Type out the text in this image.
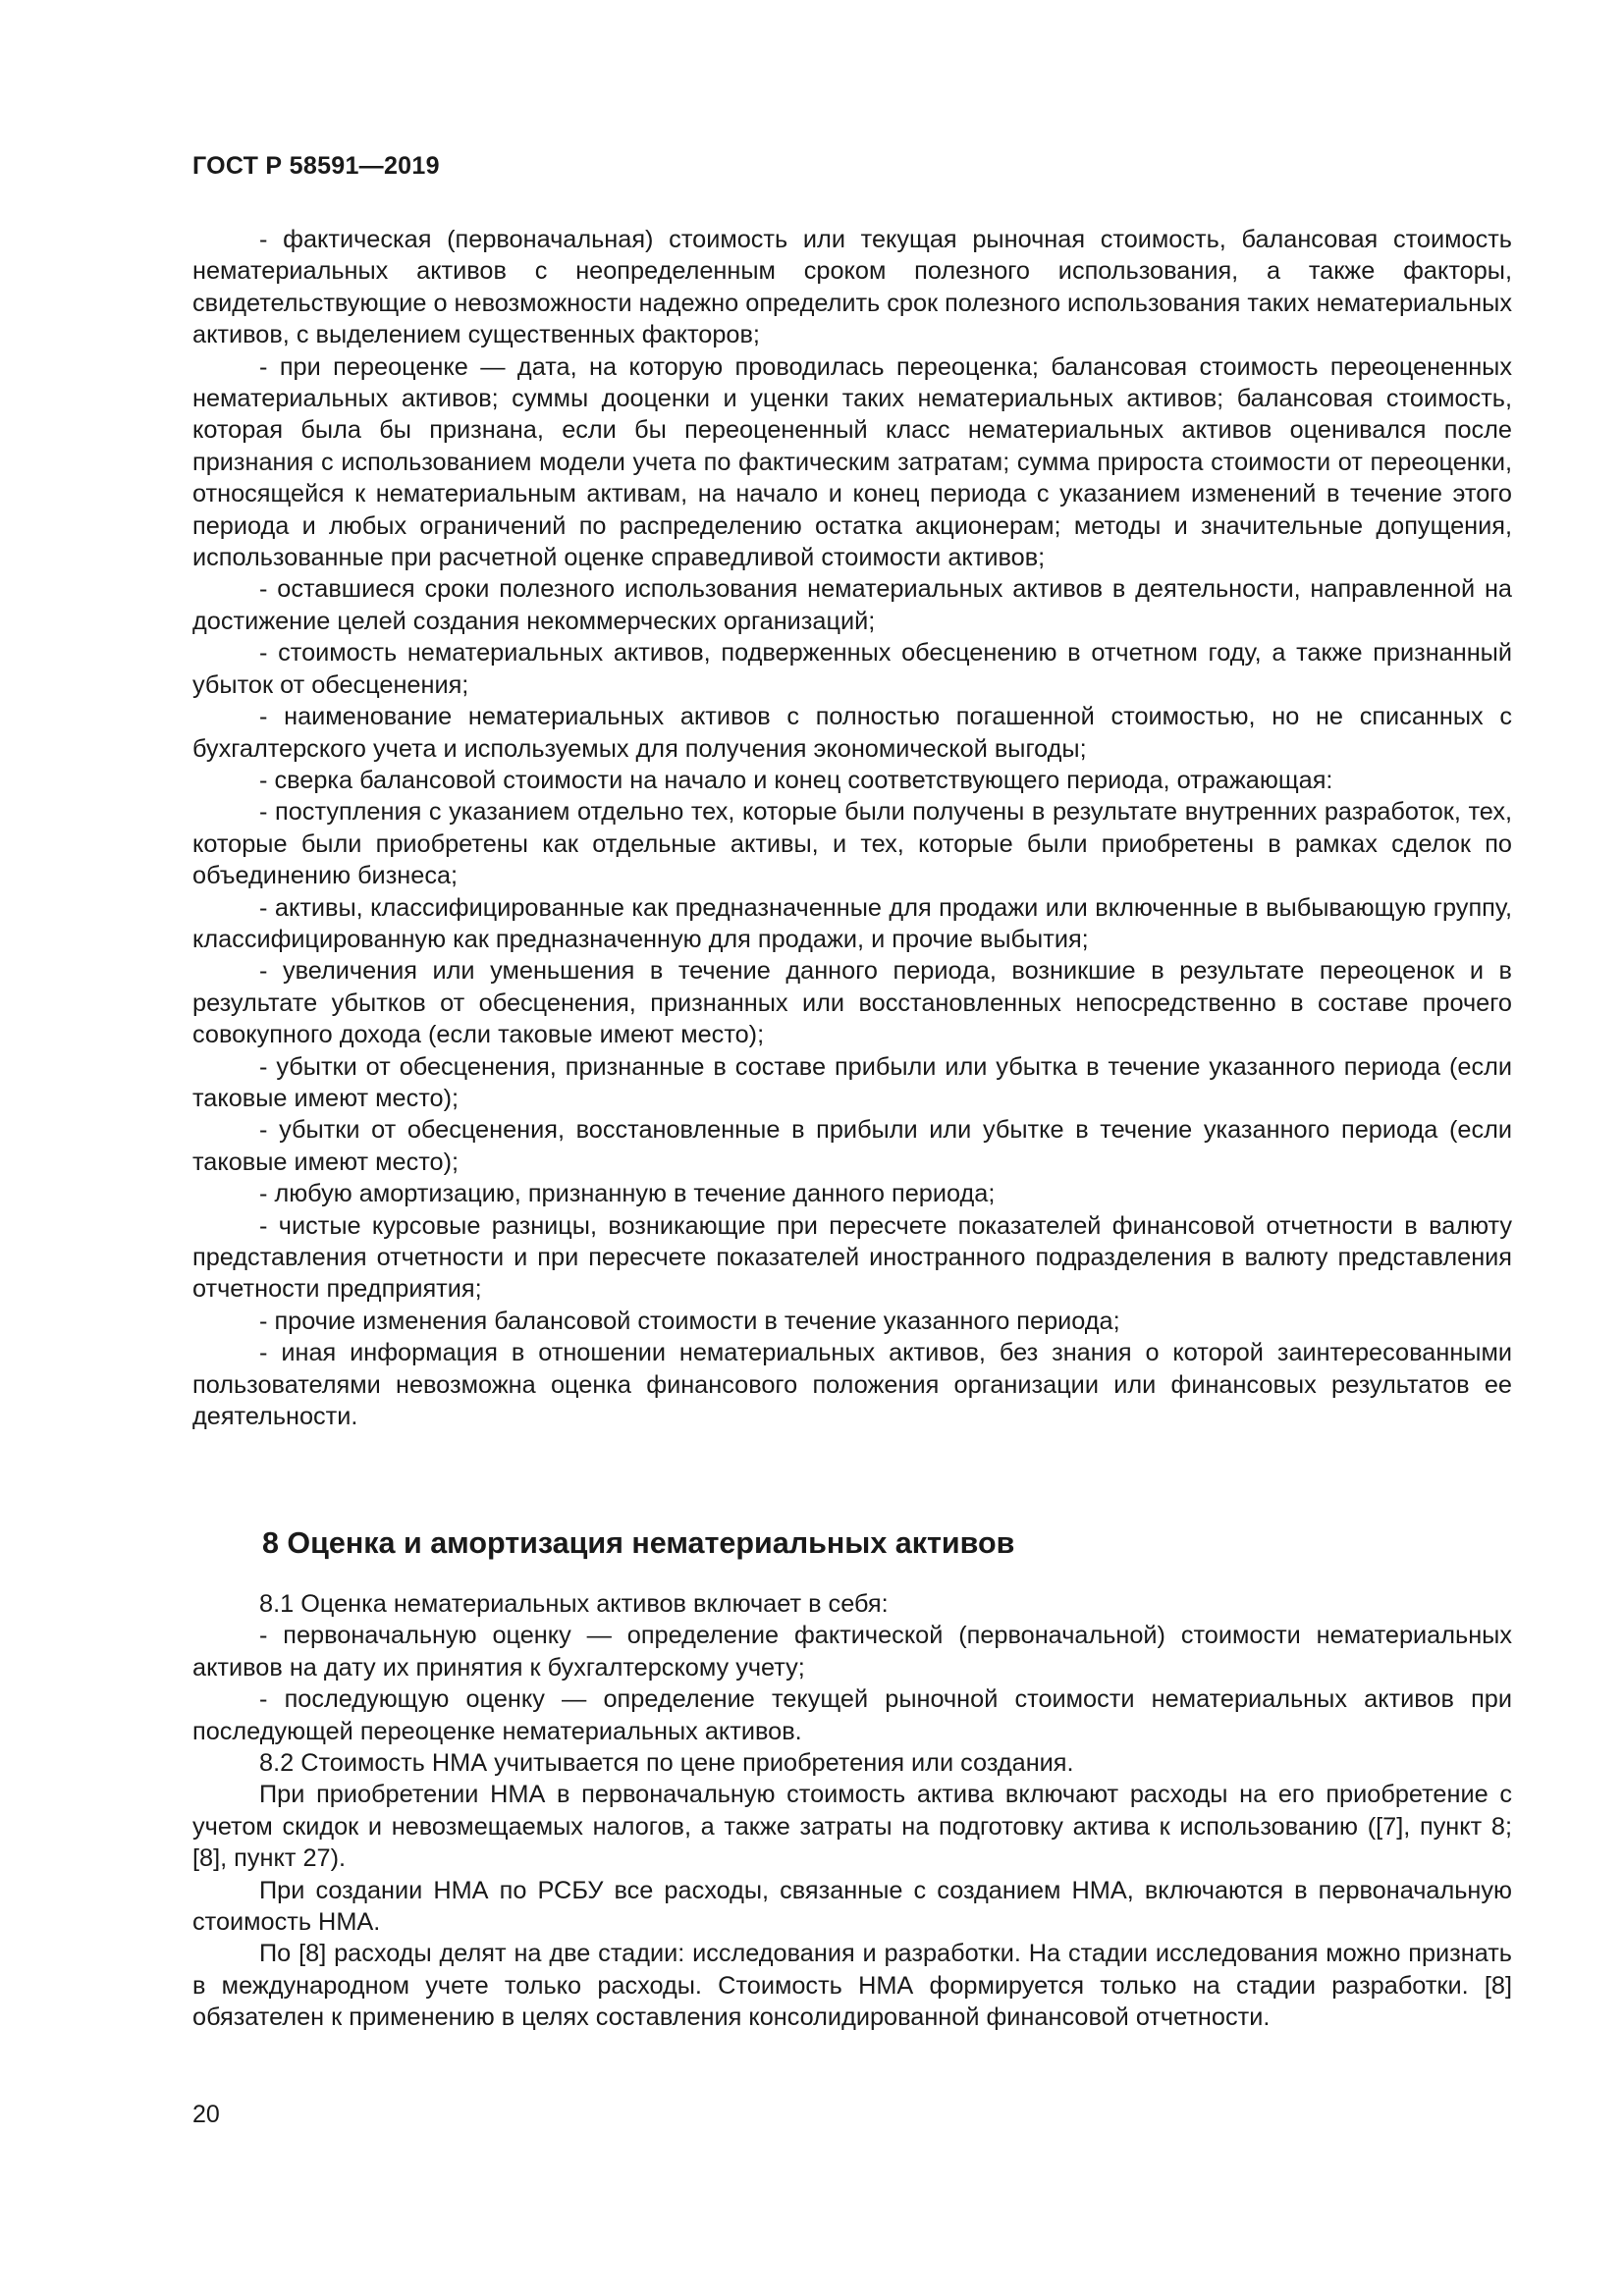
ГОСТ Р 58591—2019

- фактическая (первоначальная) стоимость или текущая рыночная стоимость, балансовая стоимость нематериальных активов с неопределенным сроком полезного использования, а также факторы, свидетельствующие о невозможности надежно определить срок полезного использования таких нематериальных активов, с выделением существенных факторов;

- при переоценке — дата, на которую проводилась переоценка; балансовая стоимость переоцененных нематериальных активов; суммы дооценки и уценки таких нематериальных активов; балансовая стоимость, которая была бы признана, если бы переоцененный класс нематериальных активов оценивался после признания с использованием модели учета по фактическим затратам; сумма прироста стоимости от переоценки, относящейся к нематериальным активам, на начало и конец периода с указанием изменений в течение этого периода и любых ограничений по распределению остатка акционерам; методы и значительные допущения, использованные при расчетной оценке справедливой стоимости активов;

- оставшиеся сроки полезного использования нематериальных активов в деятельности, направленной на достижение целей создания некоммерческих организаций;

- стоимость нематериальных активов, подверженных обесценению в отчетном году, а также признанный убыток от обесценения;

- наименование нематериальных активов с полностью погашенной стоимостью, но не списанных с бухгалтерского учета и используемых для получения экономической выгоды;

- сверка балансовой стоимости на начало и конец соответствующего периода, отражающая:

- поступления с указанием отдельно тех, которые были получены в результате внутренних разработок, тех, которые были приобретены как отдельные активы, и тех, которые были приобретены в рамках сделок по объединению бизнеса;

- активы, классифицированные как предназначенные для продажи или включенные в выбывающую группу, классифицированную как предназначенную для продажи, и прочие выбытия;

- увеличения или уменьшения в течение данного периода, возникшие в результате переоценок и в результате убытков от обесценения, признанных или восстановленных непосредственно в составе прочего совокупного дохода (если таковые имеют место);

- убытки от обесценения, признанные в составе прибыли или убытка в течение указанного периода (если таковые имеют место);

- убытки от обесценения, восстановленные в прибыли или убытке в течение указанного периода (если таковые имеют место);

- любую амортизацию, признанную в течение данного периода;

- чистые курсовые разницы, возникающие при пересчете показателей финансовой отчетности в валюту представления отчетности и при пересчете показателей иностранного подразделения в валюту представления отчетности предприятия;

- прочие изменения балансовой стоимости в течение указанного периода;

- иная информация в отношении нематериальных активов, без знания о которой заинтересованными пользователями невозможна оценка финансового положения организации или финансовых результатов ее деятельности.

8 Оценка и амортизация нематериальных активов

8.1 Оценка нематериальных активов включает в себя:

- первоначальную оценку — определение фактической (первоначальной) стоимости нематериальных активов на дату их принятия к бухгалтерскому учету;

- последующую оценку — определение текущей рыночной стоимости нематериальных активов при последующей переоценке нематериальных активов.

8.2 Стоимость НМА учитывается по цене приобретения или создания.

При приобретении НМА в первоначальную стоимость актива включают расходы на его приобретение с учетом скидок и невозмещаемых налогов, а также затраты на подготовку актива к использованию ([7], пункт 8; [8], пункт 27).

При создании НМА по РСБУ все расходы, связанные с созданием НМА, включаются в первоначальную стоимость НМА.

По [8] расходы делят на две стадии: исследования и разработки. На стадии исследования можно признать в международном учете только расходы. Стоимость НМА формируется только на стадии разработки. [8] обязателен к применению в целях составления консолидированной финансовой отчетности.

20
